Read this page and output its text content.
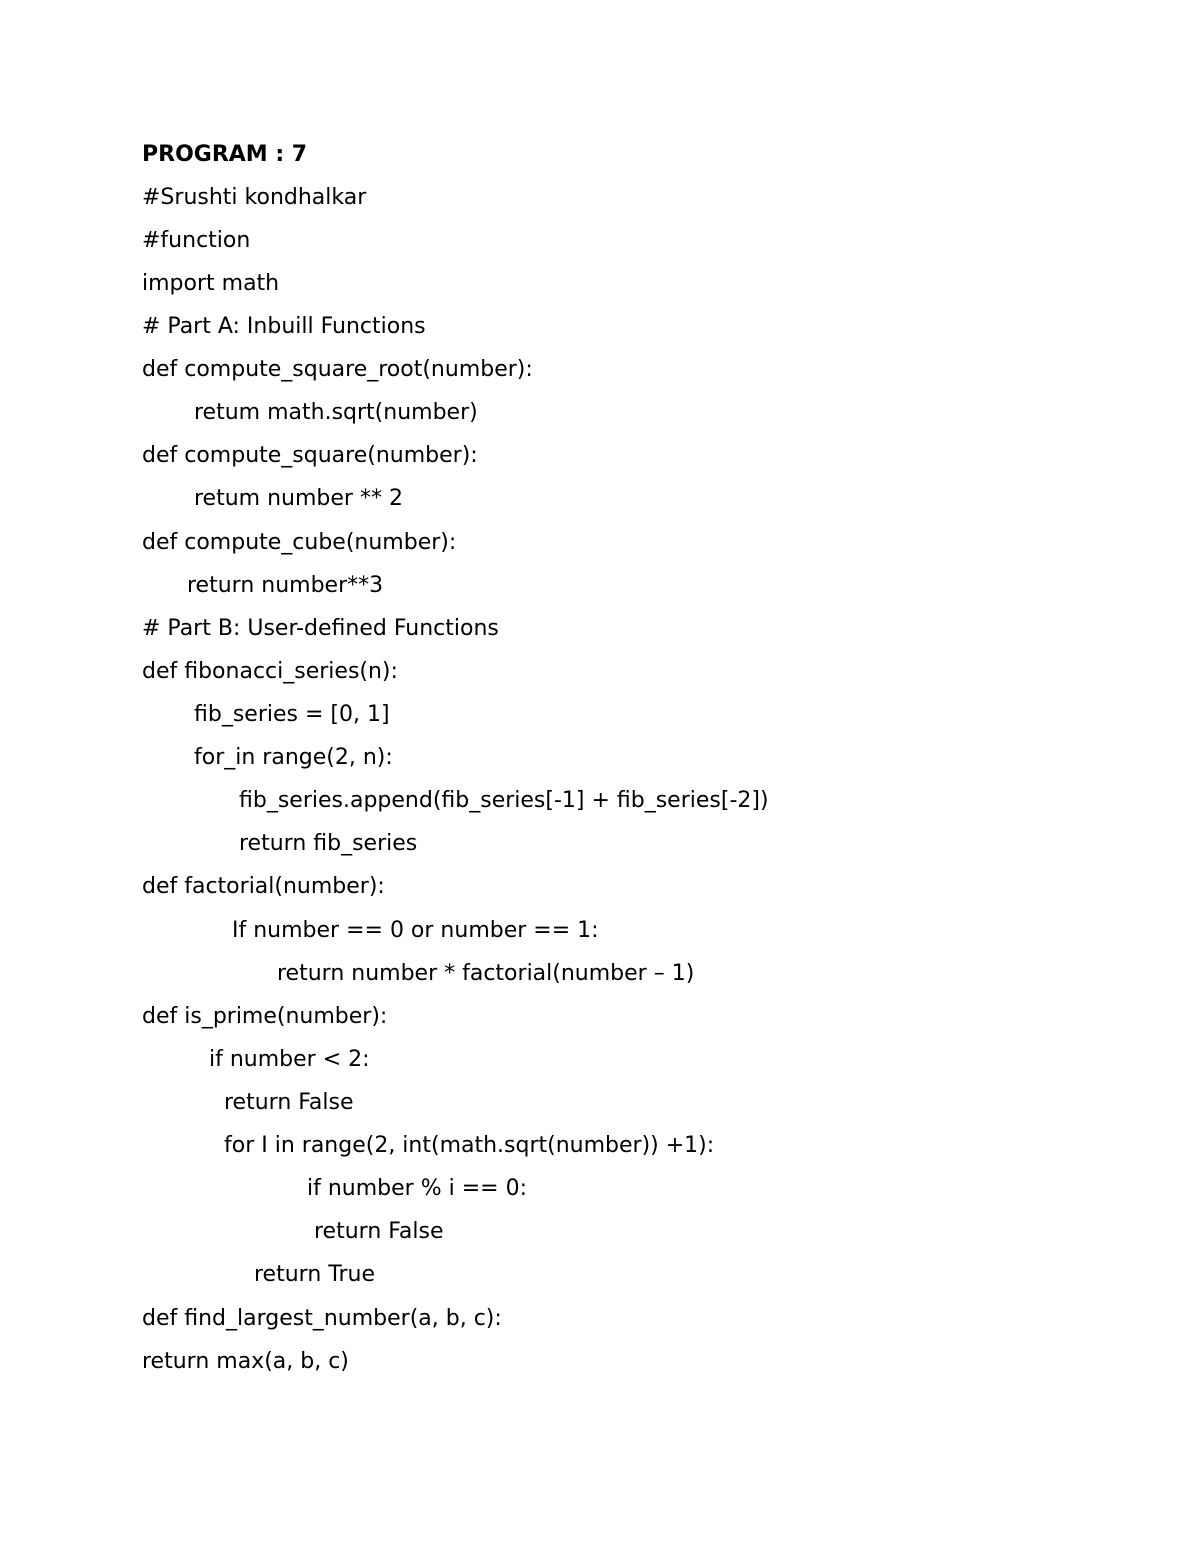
PROGRAM : 7
#Srushti kondhalkar
#function
import math
# Part A: Inbuill Functions
def compute_square_root(number):
retum math.sqrt(number)
def compute_square(number):
retum number ** 2
def compute_cube(number):
return number**3
# Part B: User-defined Functions
def fibonacci_series(n):
fib_series = [0, 1]
for_in range(2, n):
fib_series.append(fib_series[-1] + fib_series[-2])
return fib_series
def factorial(number):
If number == 0 or number == 1:
return number * factorial(number – 1)
def is_prime(number):
if number < 2:
return False
for I in range(2, int(math.sqrt(number)) +1):
if number % i == 0:
return False
return True
def find_largest_number(a, b, c):
return max(a, b, c)
